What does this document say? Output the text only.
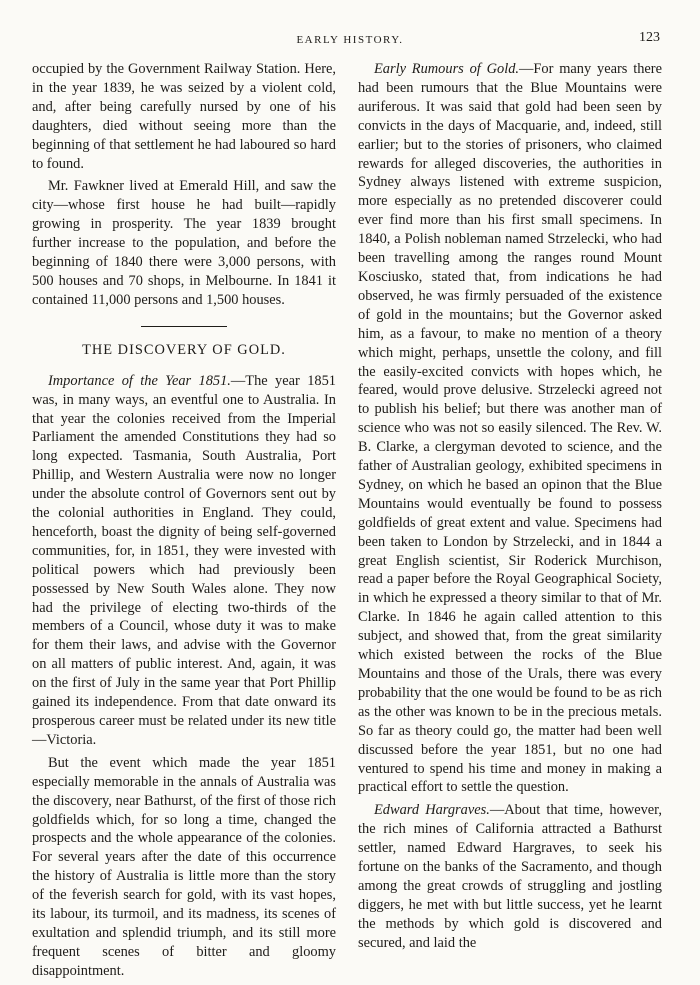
EARLY HISTORY.	123

occupied by the Government Railway Station. Here, in the year 1839, he was seized by a violent cold, and, after being carefully nursed by one of his daughters, died without seeing more than the beginning of that settlement he had laboured so hard to found.

Mr. Fawkner lived at Emerald Hill, and saw the city—whose first house he had built—rapidly growing in prosperity. The year 1839 brought further increase to the population, and before the beginning of 1840 there were 3,000 persons, with 500 houses and 70 shops, in Melbourne. In 1841 it contained 11,000 persons and 1,500 houses.

THE DISCOVERY OF GOLD.

Importance of the Year 1851.—The year 1851 was, in many ways, an eventful one to Australia. In that year the colonies received from the Imperial Parliament the amended Constitutions they had so long expected. Tasmania, South Australia, Port Phillip, and Western Australia were now no longer under the absolute control of Governors sent out by the colonial authorities in England. They could, henceforth, boast the dignity of being self-governed communities, for, in 1851, they were invested with political powers which had previously been possessed by New South Wales alone. They now had the privilege of electing two-thirds of the members of a Council, whose duty it was to make for them their laws, and advise with the Governor on all matters of public interest. And, again, it was on the first of July in the same year that Port Phillip gained its independence. From that date onward its prosperous career must be related under its new title—Victoria.

But the event which made the year 1851 especially memorable in the annals of Australia was the discovery, near Bathurst, of the first of those rich goldfields which, for so long a time, changed the prospects and the whole appearance of the colonies. For several years after the date of this occurrence the history of Australia is little more than the story of the feverish search for gold, with its vast hopes, its labour, its turmoil, and its madness, its scenes of exultation and splendid triumph, and its still more frequent scenes of bitter and gloomy disappointment.

Early Rumours of Gold.—For many years there had been rumours that the Blue Mountains were auriferous. It was said that gold had been seen by convicts in the days of Macquarie, and, indeed, still earlier; but to the stories of prisoners, who claimed rewards for alleged discoveries, the authorities in Sydney always listened with extreme suspicion, more especially as no pretended discoverer could ever find more than his first small specimens. In 1840, a Polish nobleman named Strzelecki, who had been travelling among the ranges round Mount Kosciusko, stated that, from indications he had observed, he was firmly persuaded of the existence of gold in the mountains; but the Governor asked him, as a favour, to make no mention of a theory which might, perhaps, unsettle the colony, and fill the easily-excited convicts with hopes which, he feared, would prove delusive. Strzelecki agreed not to publish his belief; but there was another man of science who was not so easily silenced. The Rev. W. B. Clarke, a clergyman devoted to science, and the father of Australian geology, exhibited specimens in Sydney, on which he based an opinon that the Blue Mountains would eventually be found to possess goldfields of great extent and value. Specimens had been taken to London by Strzelecki, and in 1844 a great English scientist, Sir Roderick Murchison, read a paper before the Royal Geographical Society, in which he expressed a theory similar to that of Mr. Clarke. In 1846 he again called attention to this subject, and showed that, from the great similarity which existed between the rocks of the Blue Mountains and those of the Urals, there was every probability that the one would be found to be as rich as the other was known to be in the precious metals. So far as theory could go, the matter had been well discussed before the year 1851, but no one had ventured to spend his time and money in making a practical effort to settle the question.

Edward Hargraves.—About that time, however, the rich mines of California attracted a Bathurst settler, named Edward Hargraves, to seek his fortune on the banks of the Sacramento, and though among the great crowds of struggling and jostling diggers, he met with but little success, yet he learnt the methods by which gold is discovered and secured, and laid the
